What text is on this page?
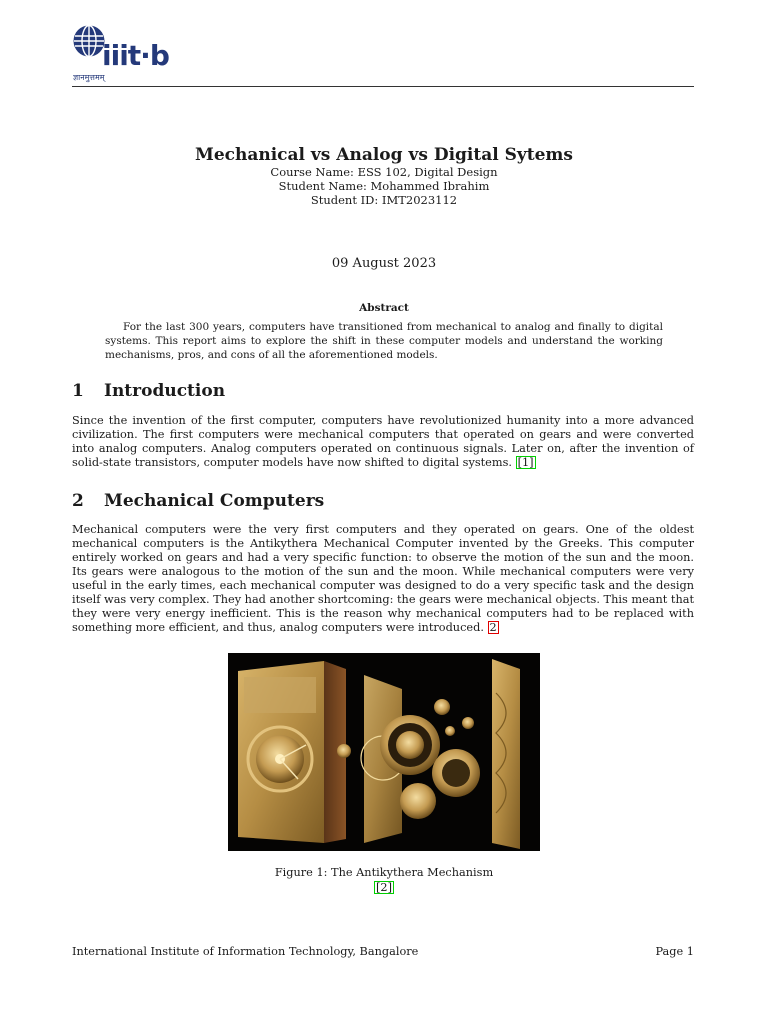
iiit·b
ज्ञानमुत्तमम्
Mechanical vs Analog vs Digital Sytems
Course Name: ESS 102, Digital Design
Student Name: Mohammed Ibrahim
Student ID: IMT2023112
09 August 2023
Abstract

For the last 300 years, computers have transitioned from mechanical to analog and finally to digital systems. This report aims to explore the shift in these computer models and understand the working mechanisms, pros, and cons of all the aforementioned models.

1 Introduction

Since the invention of the first computer, computers have revolutionized humanity into a more advanced civilization. The first computers were mechanical computers that operated on gears and were converted into analog computers. Analog computers operated on continuous signals. Later on, after the invention of solid-state transistors, computer models have now shifted to digital systems. [1]

2 Mechanical Computers

Mechanical computers were the very first computers and they operated on gears. One of the oldest mechanical computers is the Antikythera Mechanical Computer invented by the Greeks. This computer entirely worked on gears and had a very specific function: to observe the motion of the sun and the moon. Its gears were analogous to the motion of the sun and the moon. While mechanical computers were very useful in the early times, each mechanical computer was designed to do a very specific task and the design itself was very complex. They had another shortcoming: the gears were mechanical objects. This meant that they were very energy inefficient. This is the reason why mechanical computers had to be replaced with something more efficient, and thus, analog computers were introduced. 2

Figure 1: The Antikythera Mechanism
[2]
International Institute of Information Technology, Bangalore	Page 1
